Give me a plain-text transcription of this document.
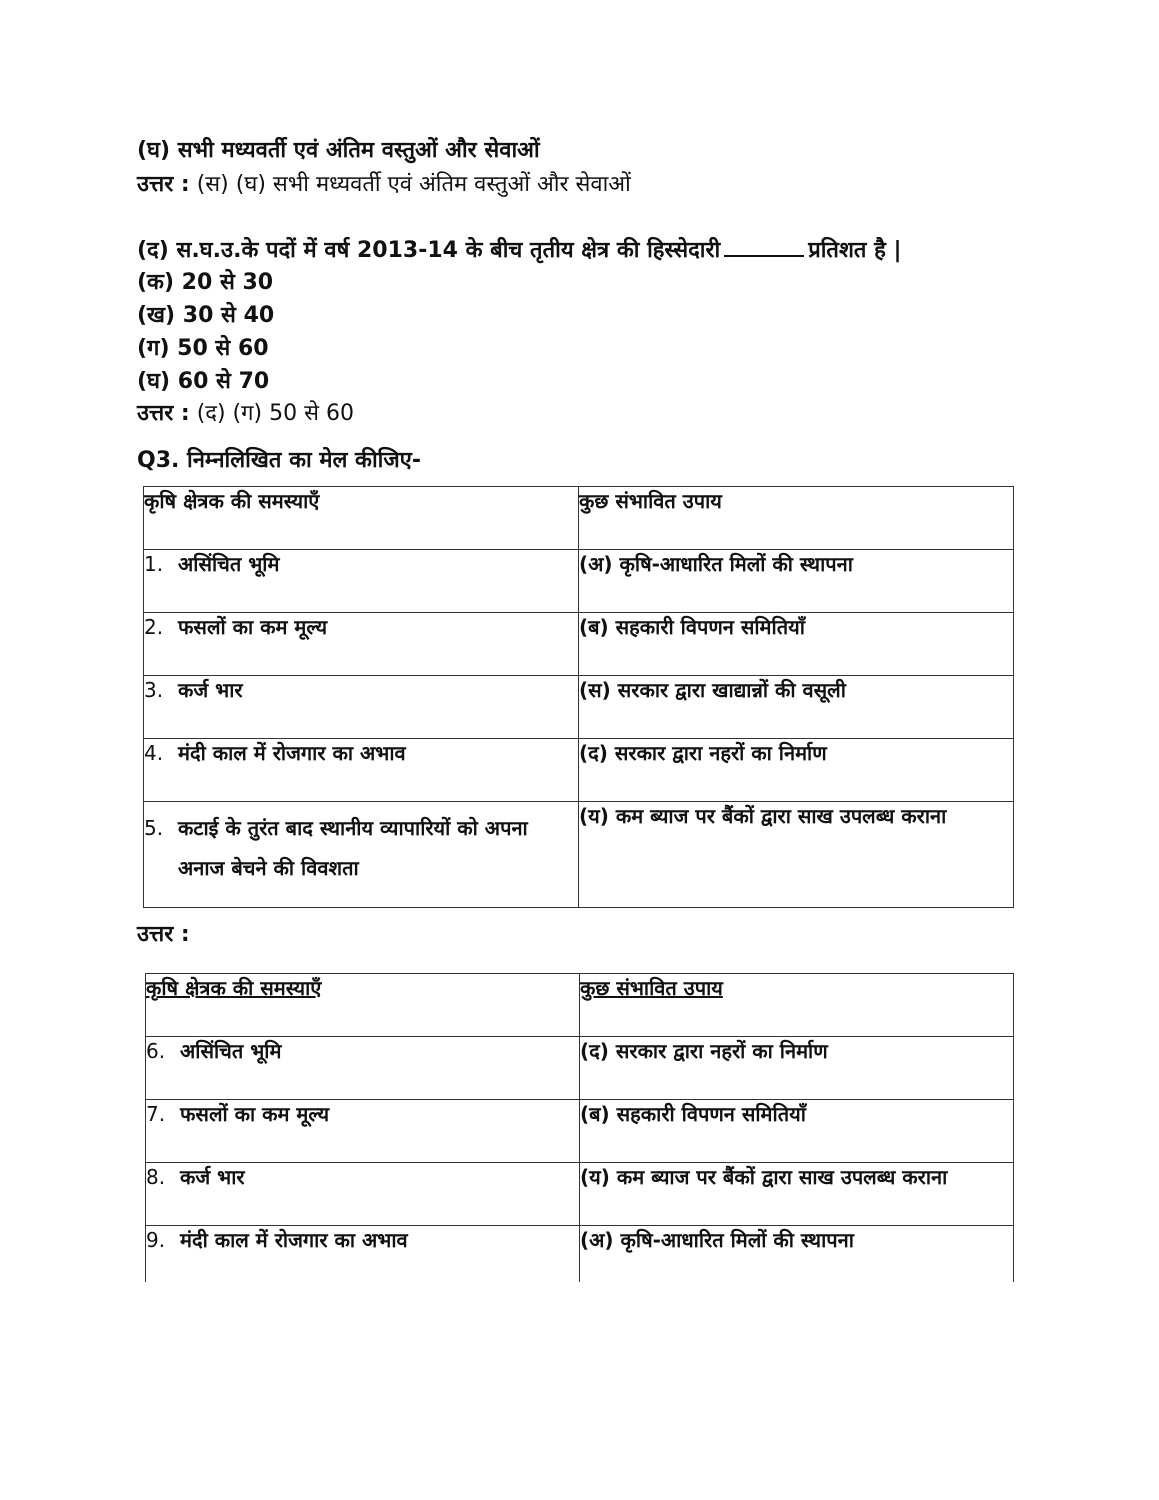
(घ) सभी मध्यवर्ती एवं अंतिम वस्तुओं और सेवाओं
उत्तर : (स) (घ) सभी मध्यवर्ती एवं अंतिम वस्तुओं और सेवाओं
(द) स.घ.उ.के पदों में वर्ष 2013-14 के बीच तृतीय क्षेत्र की हिस्सेदारी	प्रतिशत है |
(क) 20 से 30
(ख) 30 से 40
(ग) 50 से 60
(घ) 60 से 70
उत्तर : (द) (ग) 50 से 60
Q3. निम्नलिखित का मेल कीजिए-
कृषि क्षेत्रक की समस्याएँ	कुछ संभावित उपाय
1. असिंचित भूमि	(अ) कृषि-आधारित मिलों की स्थापना
2. फसलों का कम मूल्य	(ब) सहकारी विपणन समितियाँ
3. कर्ज भार	(स) सरकार द्वारा खाद्यान्नों की वसूली
4. मंदी काल में रोजगार का अभाव	(द) सरकार द्वारा नहरों का निर्माण

5. कटाई के तुरंत बाद स्थानीय व्यापारियों को अपना अनाज बेचने की विवशता	(य) कम ब्याज पर बैंकों द्वारा साख उपलब्ध कराना
उत्तर :
कृषि क्षेत्रक की समस्याएँ	कुछ संभावित उपाय
6. असिंचित भूमि	(द) सरकार द्वारा नहरों का निर्माण
7. फसलों का कम मूल्य	(ब) सहकारी विपणन समितियाँ
8. कर्ज भार	(य) कम ब्याज पर बैंकों द्वारा साख उपलब्ध कराना
9. मंदी काल में रोजगार का अभाव	(अ) कृषि-आधारित मिलों की स्थापना
